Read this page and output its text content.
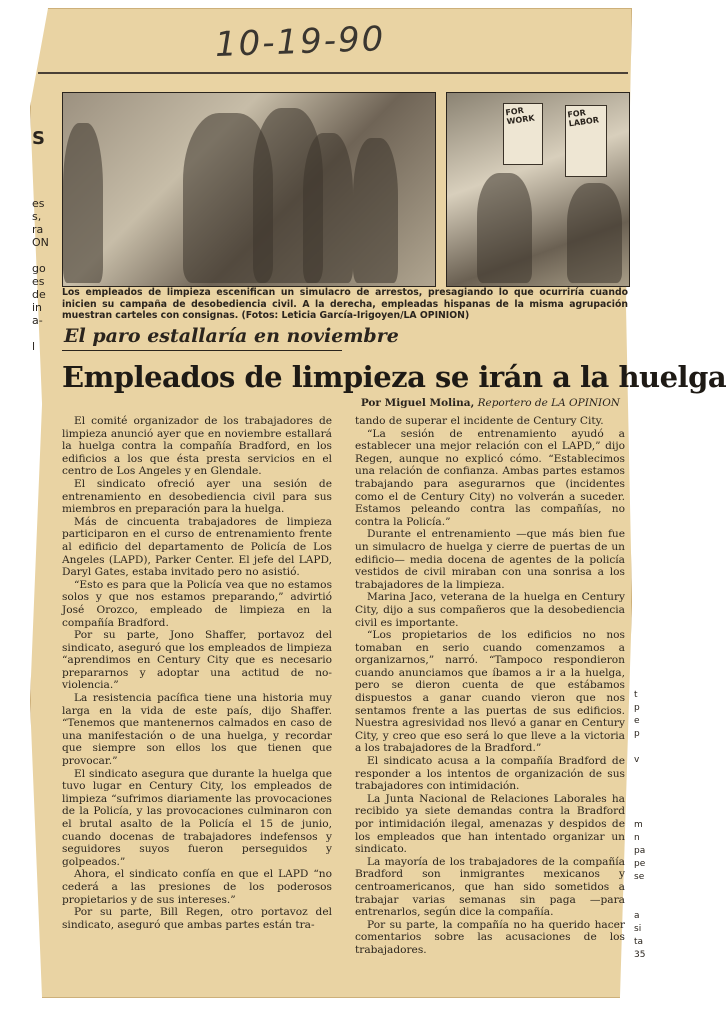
10-19-90
S
es
s,
ra
ON
go
es
de
in
a-
l
FOR WORK	FOR LABOR
Los empleados de limpieza escenifican un simulacro de arrestos, presagiando lo que ocurriría cuando inicien su campaña de desobediencia civil. A la derecha, empleadas hispanas de la misma agrupación muestran carteles con consignas. (Fotos: Leticia García-Irigoyen/LA OPINION)
El paro estallaría en noviembre
Empleados de limpieza se irán a la huelga
Por Miguel Molina, Reportero de LA OPINION

El comité organizador de los trabajadores de limpieza anunció ayer que en noviembre estallará la huelga contra la compañía Bradford, en los edificios a los que ésta presta servicios en el centro de Los Angeles y en Glendale.

El sindicato ofreció ayer una sesión de entrenamiento en desobediencia civil para sus miembros en preparación para la huelga.

Más de cincuenta trabajadores de limpieza participaron en el curso de entrenamiento frente al edificio del departamento de Policía de Los Angeles (LAPD), Parker Center. El jefe del LAPD, Daryl Gates, estaba invitado pero no asistió.

“Esto es para que la Policía vea que no estamos solos y que nos estamos preparando,” advirtió José Orozco, empleado de limpieza en la compañía Bradford.

Por su parte, Jono Shaffer, portavoz del sindicato, aseguró que los empleados de limpieza “aprendimos en Century City que es necesario prepararnos y adoptar una actitud de no-violencia.”

La resistencia pacífica tiene una historia muy larga en la vida de este país, dijo Shaffer. “Tenemos que mantenernos calmados en caso de una manifestación o de una huelga, y recordar que siempre son ellos los que tienen que provocar.”

El sindicato asegura que durante la huelga que tuvo lugar en Century City, los empleados de limpieza “sufrimos diariamente las provocaciones de la Policía, y las provocaciones culminaron con el brutal asalto de la Policía el 15 de junio, cuando docenas de trabajadores indefensos y seguidores suyos fueron perseguidos y golpeados.”

Ahora, el sindicato confía en que el LAPD “no cederá a las presiones de los poderosos propietarios y de sus intereses.”

Por su parte, Bill Regen, otro portavoz del sindicato, aseguró que ambas partes están tra-

tando de superar el incidente de Century City.

“La sesión de entrenamiento ayudó a establecer una mejor relación con el LAPD,” dijo Regen, aunque no explicó cómo. “Establecimos una relación de confianza. Ambas partes estamos trabajando para asegurarnos que (incidentes como el de Century City) no volverán a suceder. Estamos peleando contra las compañías, no contra la Policía.”

Durante el entrenamiento —que más bien fue un simulacro de huelga y cierre de puertas de un edificio— media docena de agentes de la policía vestidos de civil miraban con una sonrisa a los trabajadores de la limpieza.

Marina Jaco, veterana de la huelga en Century City, dijo a sus compañeros que la desobediencia civil es importante.

“Los propietarios de los edificios no nos tomaban en serio cuando comenzamos a organizarnos,” narró. “Tampoco respondieron cuando anunciamos que íbamos a ir a la huelga, pero se dieron cuenta de que estábamos dispuestos a ganar cuando vieron que nos sentamos frente a las puertas de sus edificios. Nuestra agresividad nos llevó a ganar en Century City, y creo que eso será lo que lleve a la victoria a los trabajadores de la Bradford.”

El sindicato acusa a la compañía Bradford de responder a los intentos de organización de sus trabajadores con intimidación.

La Junta Nacional de Relaciones Laborales ha recibido ya siete demandas contra la Bradford por intimidación ilegal, amenazas y despidos de los empleados que han intentado organizar un sindicato.

La mayoría de los trabajadores de la compañía Bradford son inmigrantes mexicanos y centroamericanos, que han sido sometidos a trabajar varias semanas sin paga —para entrenarlos, según dice la compañía.

Por su parte, la compañía no ha querido hacer comentarios sobre las acusaciones de los trabajadores.

t
p
e
p
v
m
n
pa
pe
se
a
si
ta
35
